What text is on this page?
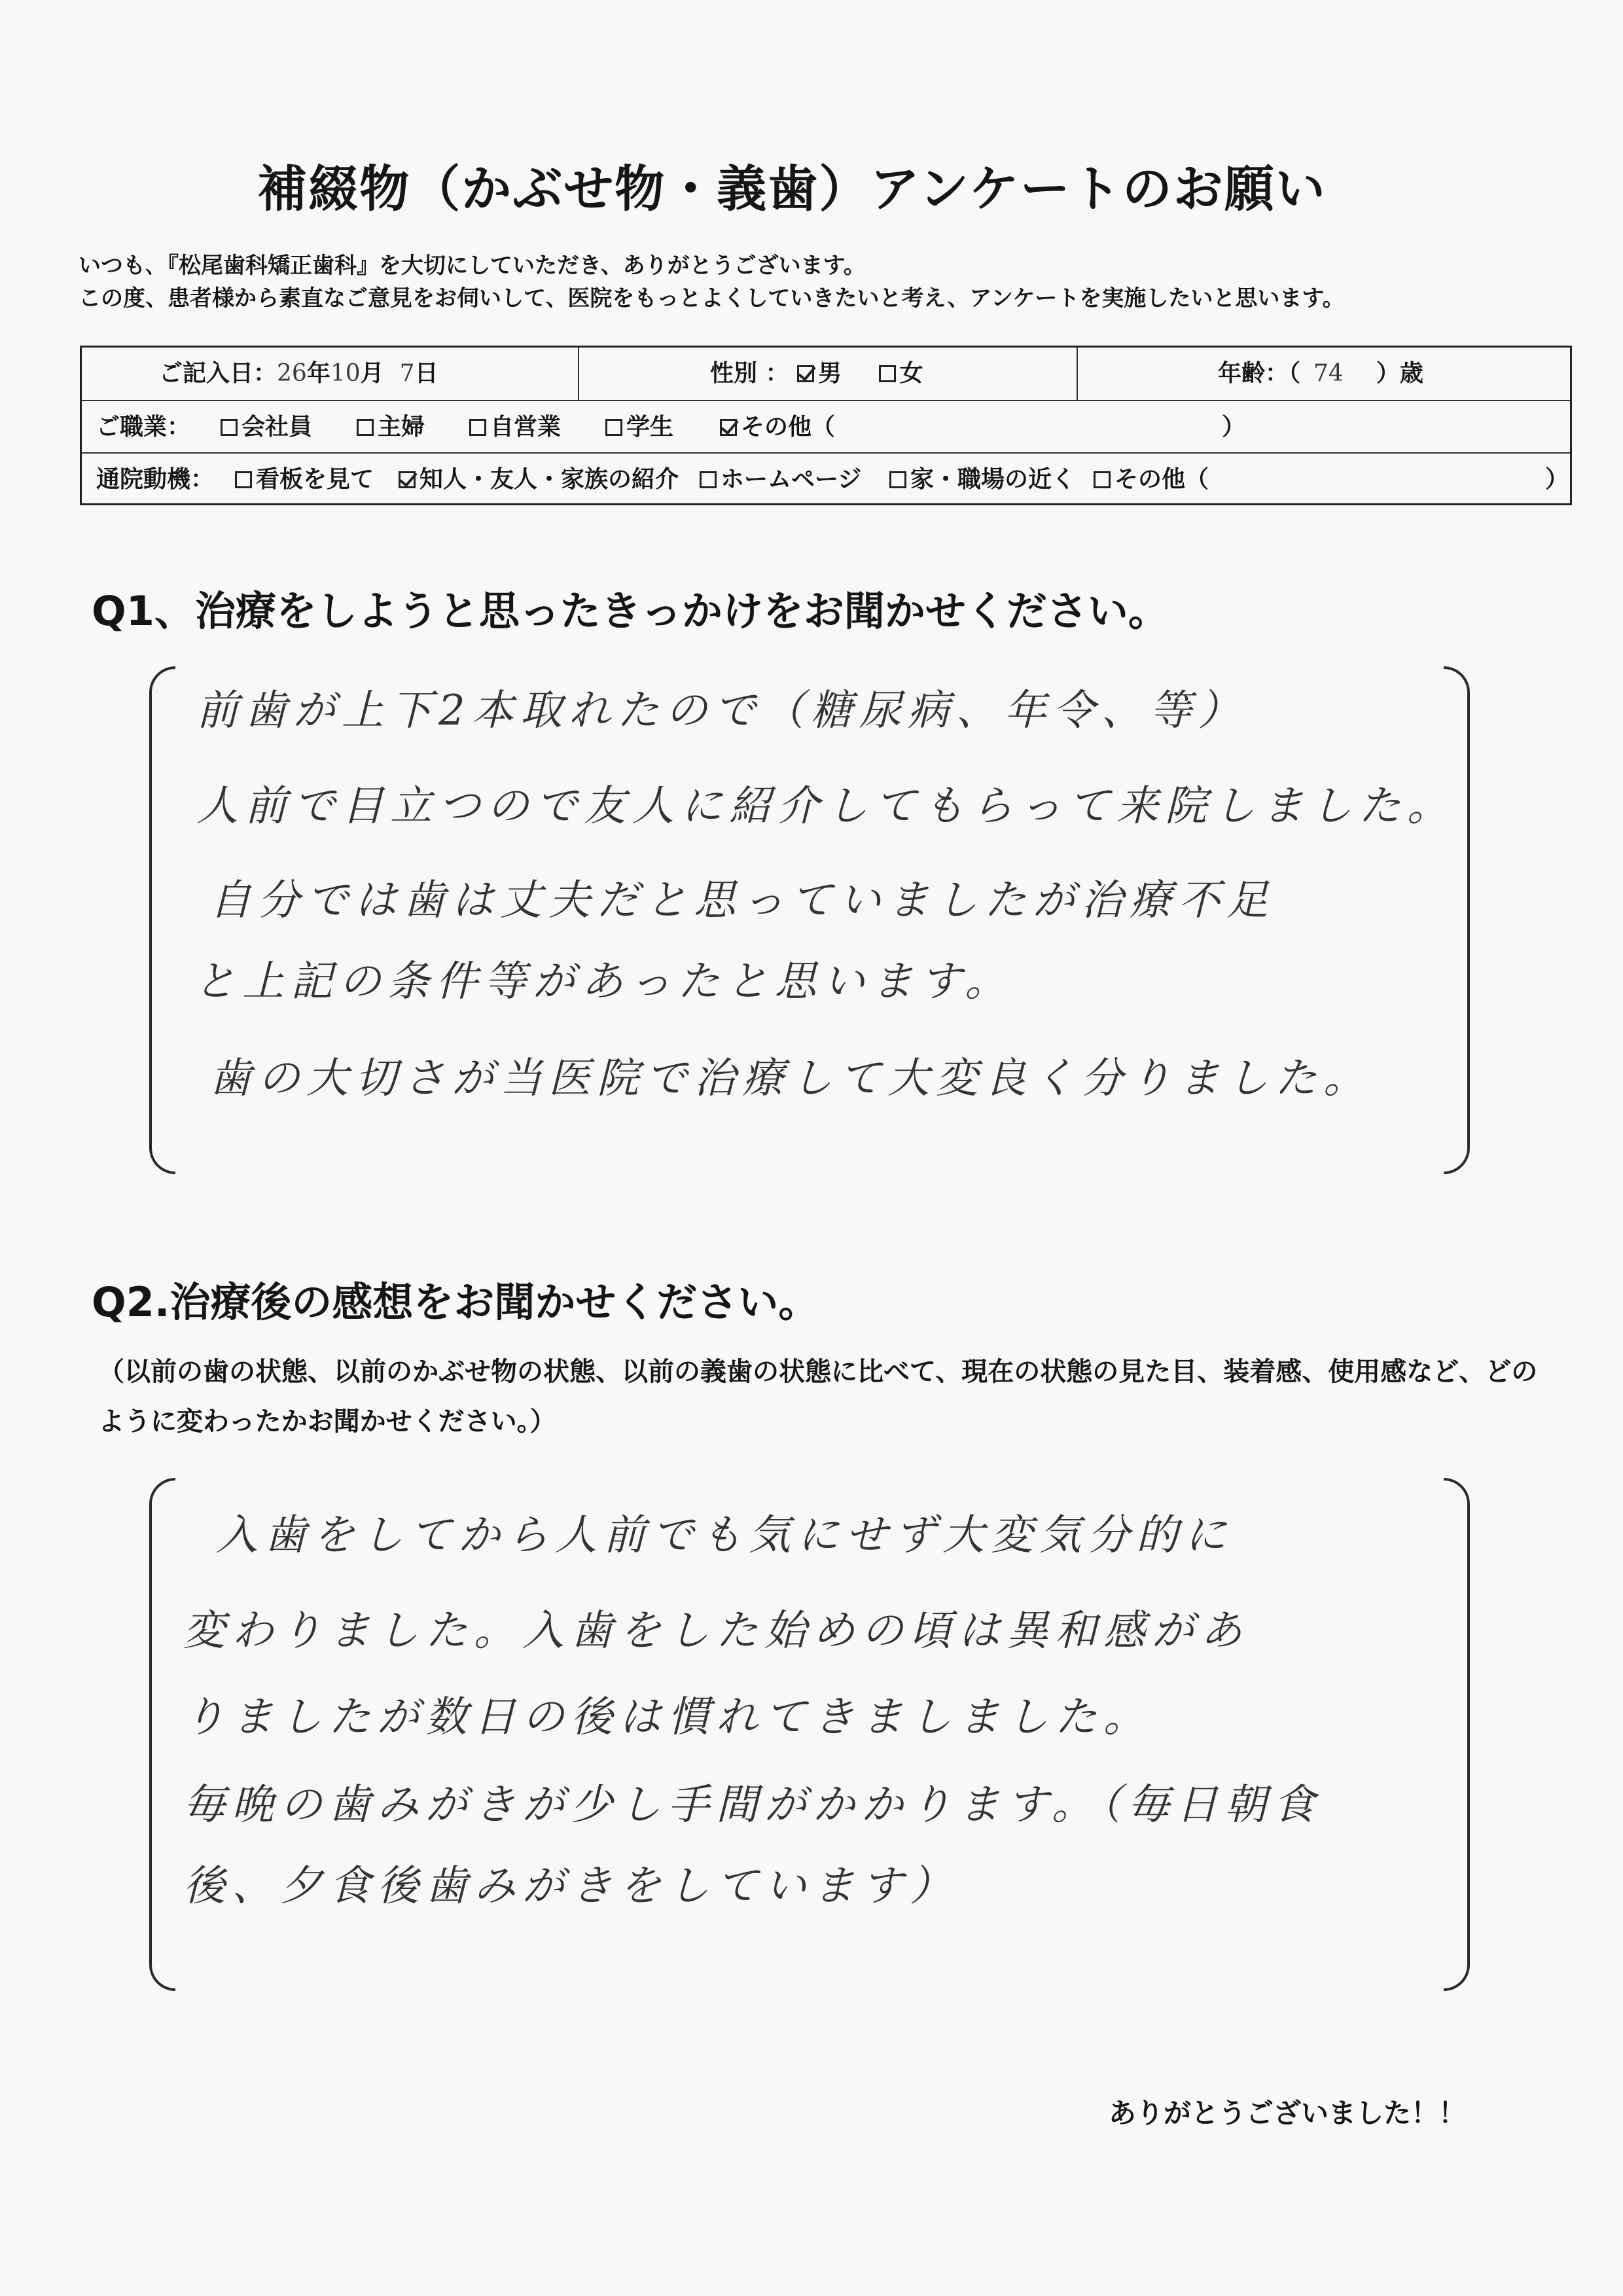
補綴物（かぶせ物・義歯）アンケートのお願い
いつも､『松尾歯科矯正歯科』を大切にしていただき、ありがとうございます。
この度、患者様から素直なご意見をお伺いして、医院をもっとよくしていきたいと考え、アンケートを実施したいと思います。
ご記入日：26年10月 7日	性別 ： 男 女	年齢：（ 74 ）歳
ご職業：	会社員	主婦	自営業	学生	その他（	）
通院動機：	看板を見て	知人・友人・家族の紹介	ホームページ	家・職場の近く	その他（	）
Q1、治療をしようと思ったきっかけをお聞かせください。
前歯が上下2本取れたので（糖尿病、年令、等）
人前で目立つので友人に紹介してもらって来院しました。
自分では歯は丈夫だと思っていましたが治療不足
と上記の条件等があったと思います。
歯の大切さが当医院で治療して大変良く分りました。
Q2.治療後の感想をお聞かせください。
（以前の歯の状態、以前のかぶせ物の状態、以前の義歯の状態に比べて、現在の状態の見た目、装着感、使用感など、どのように変わったかお聞かせください。）
入歯をしてから人前でも気にせず大変気分的に
変わりました。入歯をした始めの頃は異和感があ
りましたが数日の後は慣れてきましました。
毎晩の歯みがきが少し手間がかかります。（毎日朝食
後、夕食後歯みがきをしています）
ありがとうございました！！
